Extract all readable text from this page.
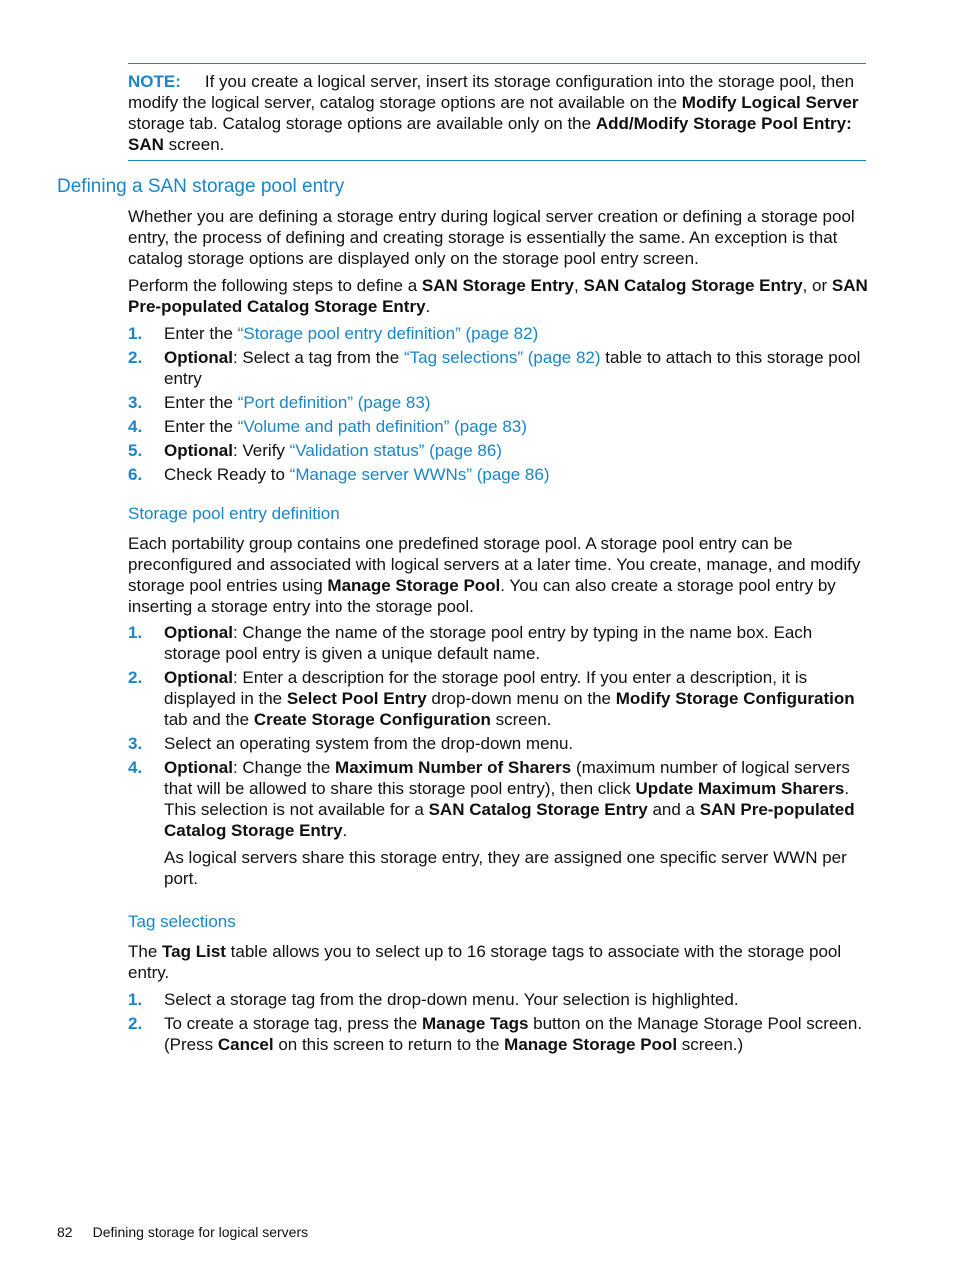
NOTE: If you create a logical server, insert its storage configuration into the storage pool, then modify the logical server, catalog storage options are not available on the Modify Logical Server storage tab. Catalog storage options are available only on the Add/Modify Storage Pool Entry: SAN screen.

Defining a SAN storage pool entry

Whether you are defining a storage entry during logical server creation or defining a storage pool entry, the process of defining and creating storage is essentially the same. An exception is that catalog storage options are displayed only on the storage pool entry screen.

Perform the following steps to define a SAN Storage Entry, SAN Catalog Storage Entry, or SAN Pre-populated Catalog Storage Entry.

1. Enter the “Storage pool entry definition” (page 82)
2. Optional: Select a tag from the “Tag selections” (page 82) table to attach to this storage pool entry
3. Enter the “Port definition” (page 83)
4. Enter the “Volume and path definition” (page 83)
5. Optional: Verify “Validation status” (page 86)
6. Check Ready to “Manage server WWNs” (page 86)
Storage pool entry definition

Each portability group contains one predefined storage pool. A storage pool entry can be preconfigured and associated with logical servers at a later time. You create, manage, and modify storage pool entries using Manage Storage Pool. You can also create a storage pool entry by inserting a storage entry into the storage pool.

1. Optional: Change the name of the storage pool entry by typing in the name box. Each storage pool entry is given a unique default name.
2. Optional: Enter a description for the storage pool entry. If you enter a description, it is displayed in the Select Pool Entry drop-down menu on the Modify Storage Configuration tab and the Create Storage Configuration screen.
3. Select an operating system from the drop-down menu.
4. Optional: Change the Maximum Number of Sharers (maximum number of logical servers that will be allowed to share this storage pool entry), then click Update Maximum Sharers. This selection is not available for a SAN Catalog Storage Entry and a SAN Pre-populated Catalog Storage Entry.

As logical servers share this storage entry, they are assigned one specific server WWN per port.

Tag selections

The Tag List table allows you to select up to 16 storage tags to associate with the storage pool entry.

1. Select a storage tag from the drop-down menu. Your selection is highlighted.
2. To create a storage tag, press the Manage Tags button on the Manage Storage Pool screen. (Press Cancel on this screen to return to the Manage Storage Pool screen.)
82 Defining storage for logical servers
